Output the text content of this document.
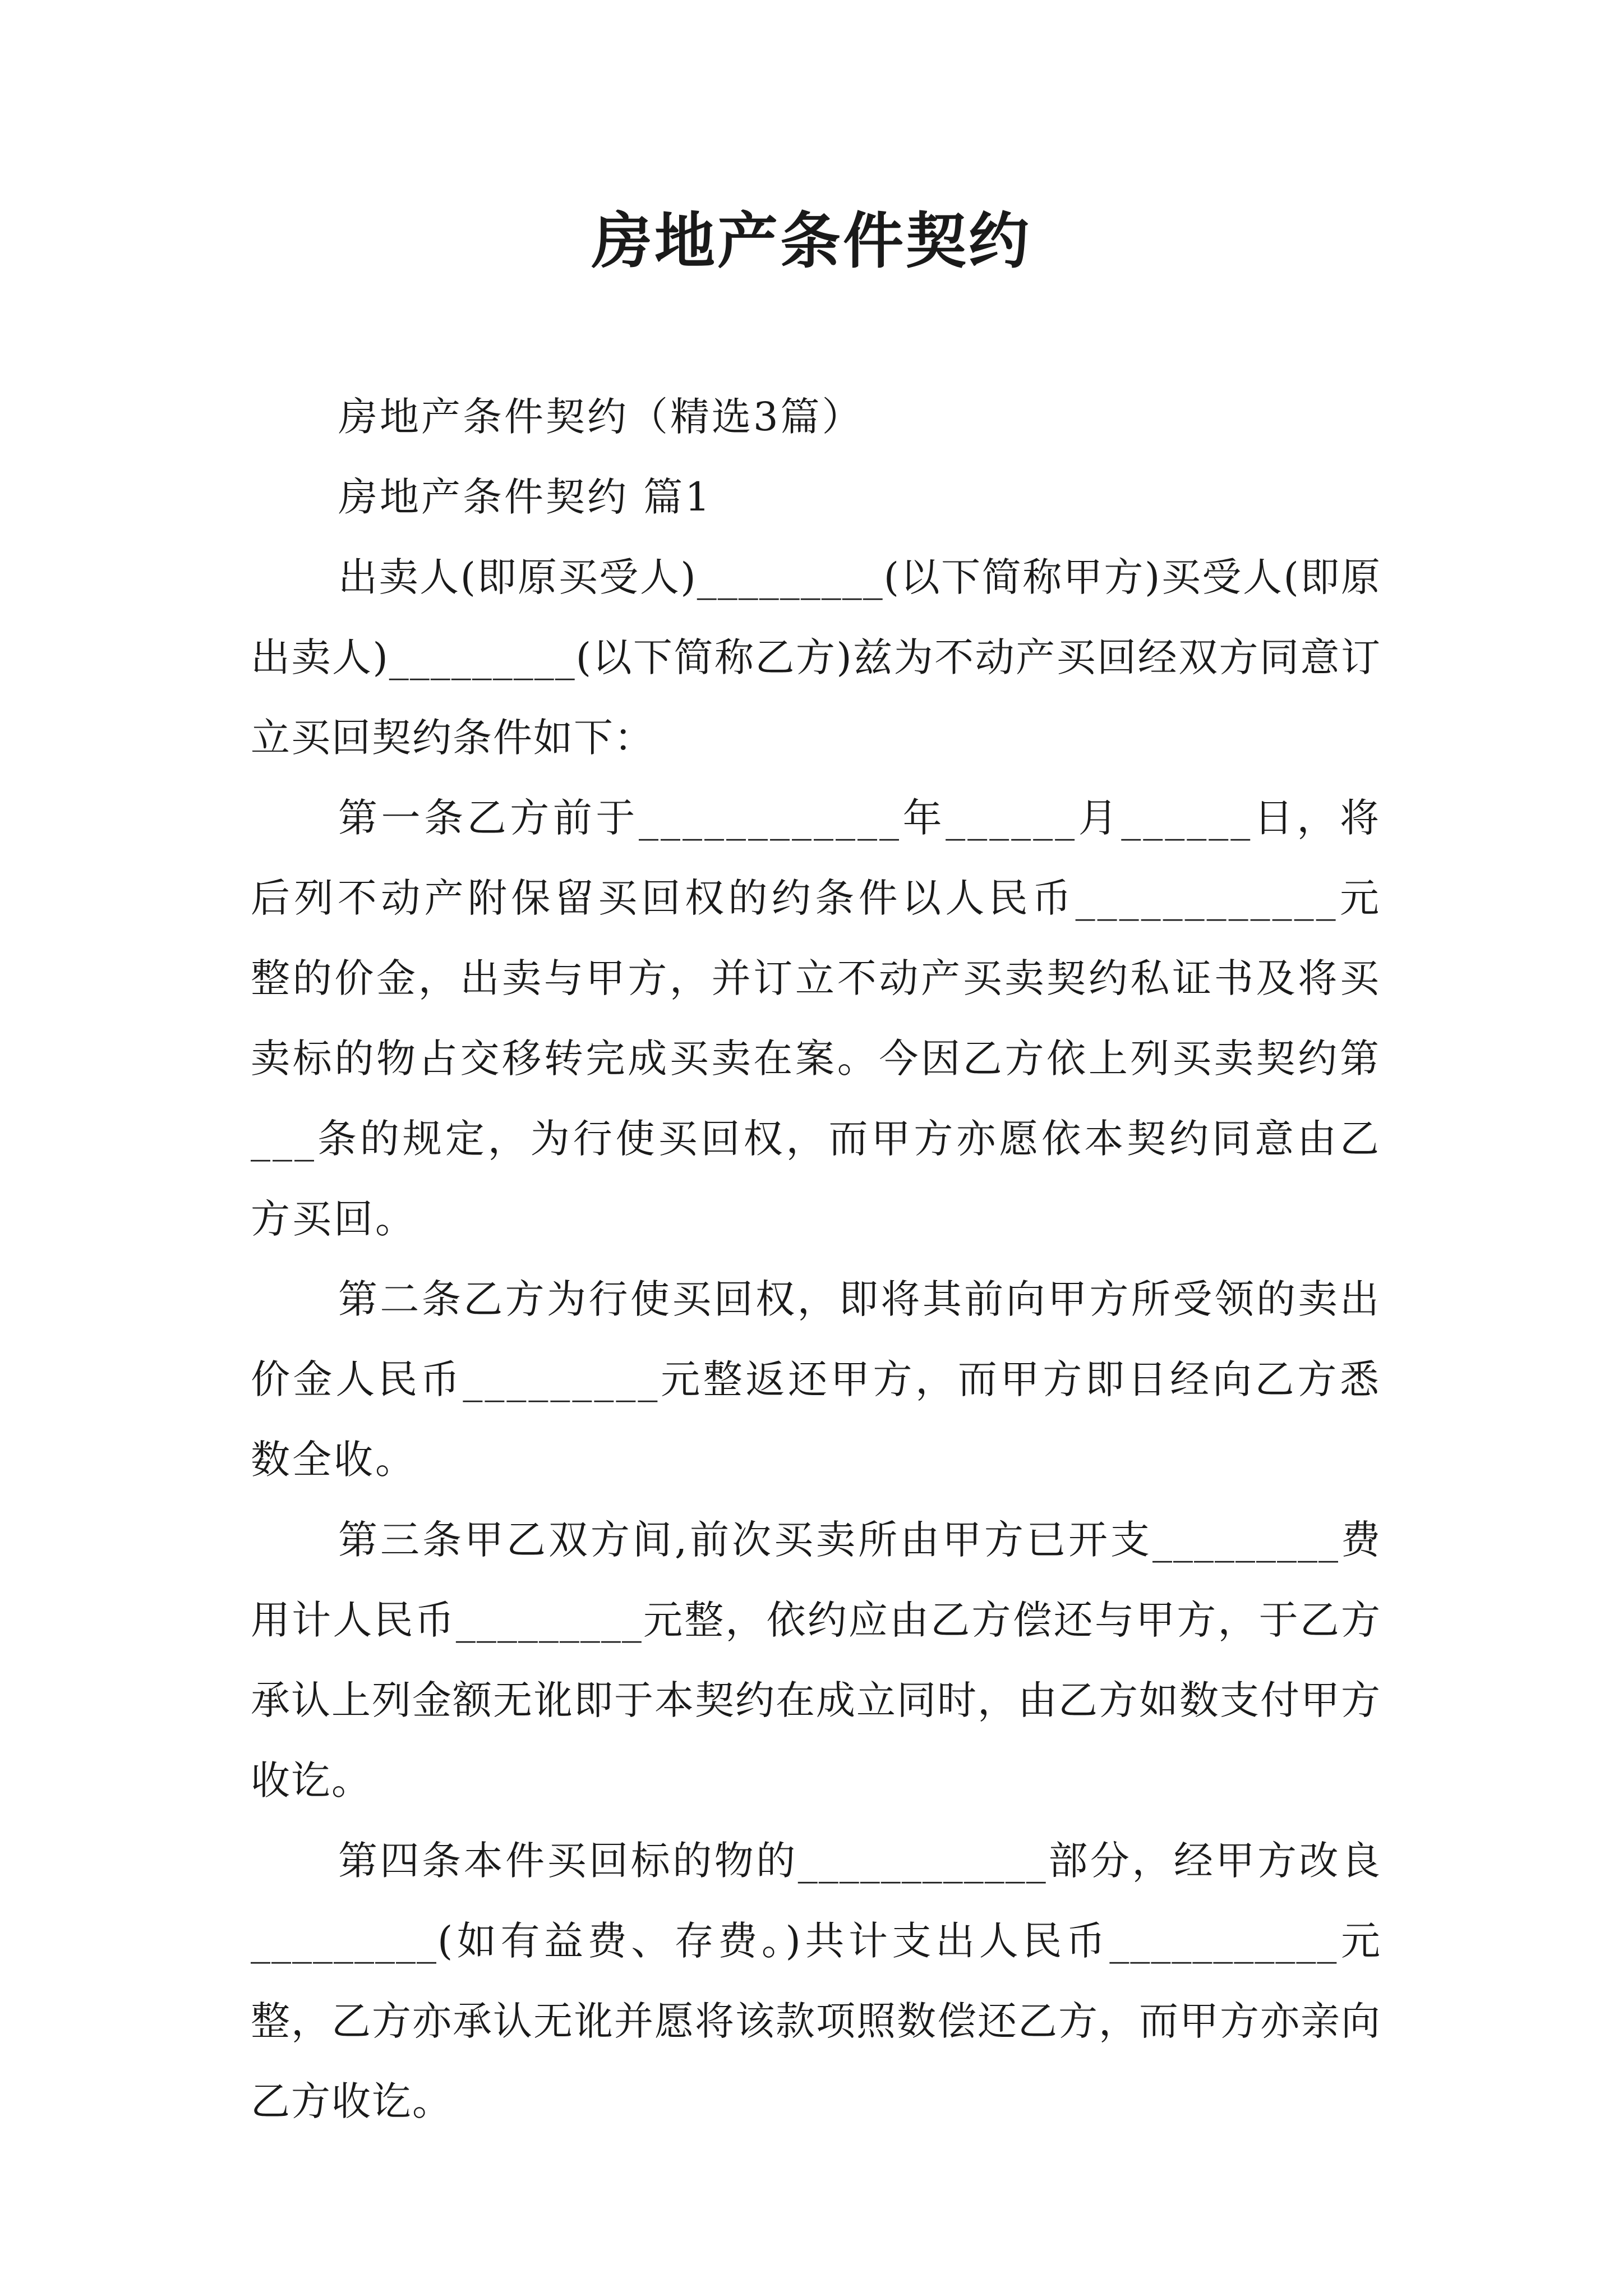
房地产条件契约

房地产条件契约（精选3篇）

房地产条件契约 篇1

出卖人(即原买受人)_________(以下简称甲方)买受人(即原出卖人)_________(以下简称乙方)兹为不动产买回经双方同意订立买回契约条件如下：

第一条乙方前于____________年______月______日，将后列不动产附保留买回权的约条件以人民币____________元整的价金，出卖与甲方，并订立不动产买卖契约私证书及将买卖标的物占交移转完成买卖在案。今因乙方依上列买卖契约第___条的规定，为行使买回权，而甲方亦愿依本契约同意由乙方买回。

第二条乙方为行使买回权，即将其前向甲方所受领的卖出价金人民币_________元整返还甲方，而甲方即日经向乙方悉数全收。

第三条甲乙双方间,前次买卖所由甲方已开支_________费用计人民币_________元整，依约应由乙方偿还与甲方，于乙方承认上列金额无讹即于本契约在成立同时，由乙方如数支付甲方收讫。

第四条本件买回标的物的____________部分，经甲方改良_________(如有益费、存费。)共计支出人民币___________元整，乙方亦承认无讹并愿将该款项照数偿还乙方，而甲方亦亲向乙方收讫。
